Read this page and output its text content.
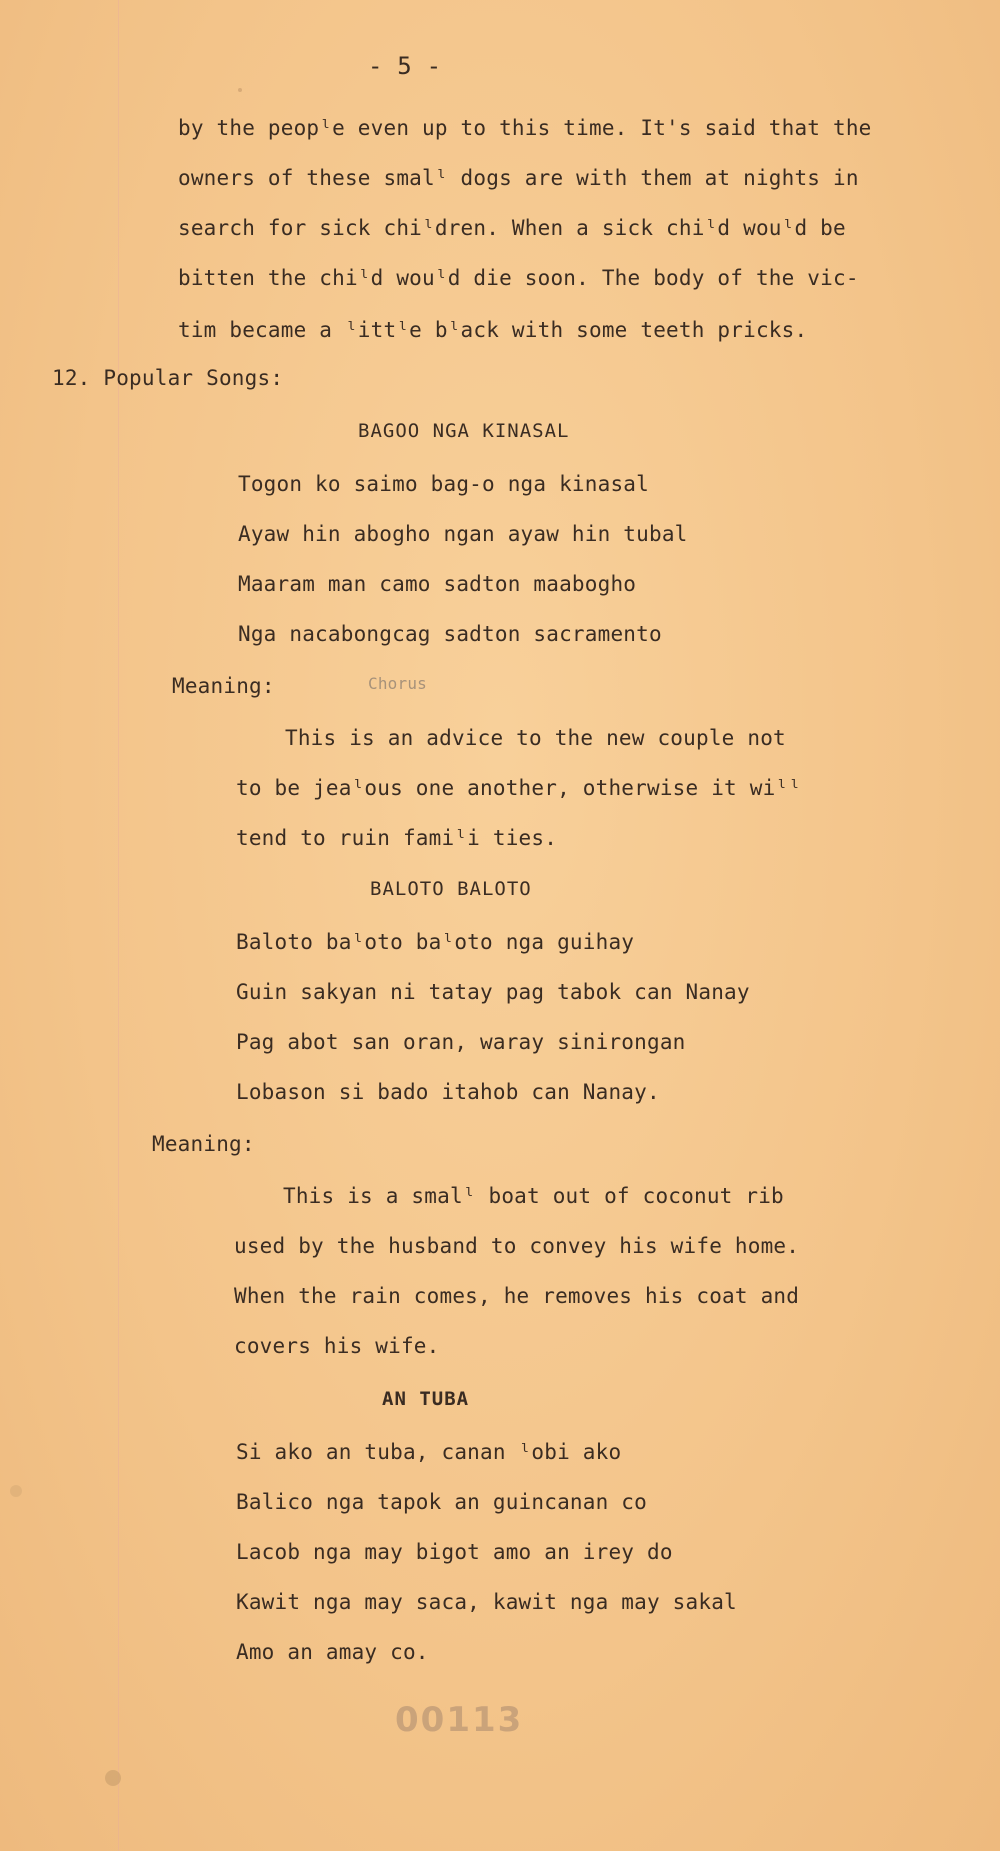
- 5 -
by the peopˡe even up to this time. It's said that the
owners of these smalˡ dogs are with them at nights in
search for sick chiˡdren. When a sick chiˡd wouˡd be
bitten the chiˡd wouˡd die soon. The body of the vic-
tim became a ˡittˡe bˡack with some teeth pricks.
12. Popular Songs:
BAGOO NGA KINASAL
Togon ko saimo bag-o nga kinasal
Ayaw hin abogho ngan ayaw hin tubal
Maaram man camo sadton maabogho
Nga nacabongcag sadton sacramento
Meaning:	Chorus
This is an advice to the new couple not
to be jeaˡous one another, otherwise it wiˡˡ
tend to ruin famiˡi ties.
BALOTO BALOTO
Baloto baˡoto baˡoto nga guihay
Guin sakyan ni tatay pag tabok can Nanay
Pag abot san oran, waray sinirongan
Lobason si bado itahob can Nanay.
Meaning:
This is a smalˡ boat out of coconut rib
used by the husband to convey his wife home.
When the rain comes, he removes his coat and
covers his wife.
AN TUBA
Si ako an tuba, canan ˡobi ako
Balico nga tapok an guincanan co
Lacob nga may bigot amo an irey do
Kawit nga may saca, kawit nga may sakal
Amo an amay co.
00113
